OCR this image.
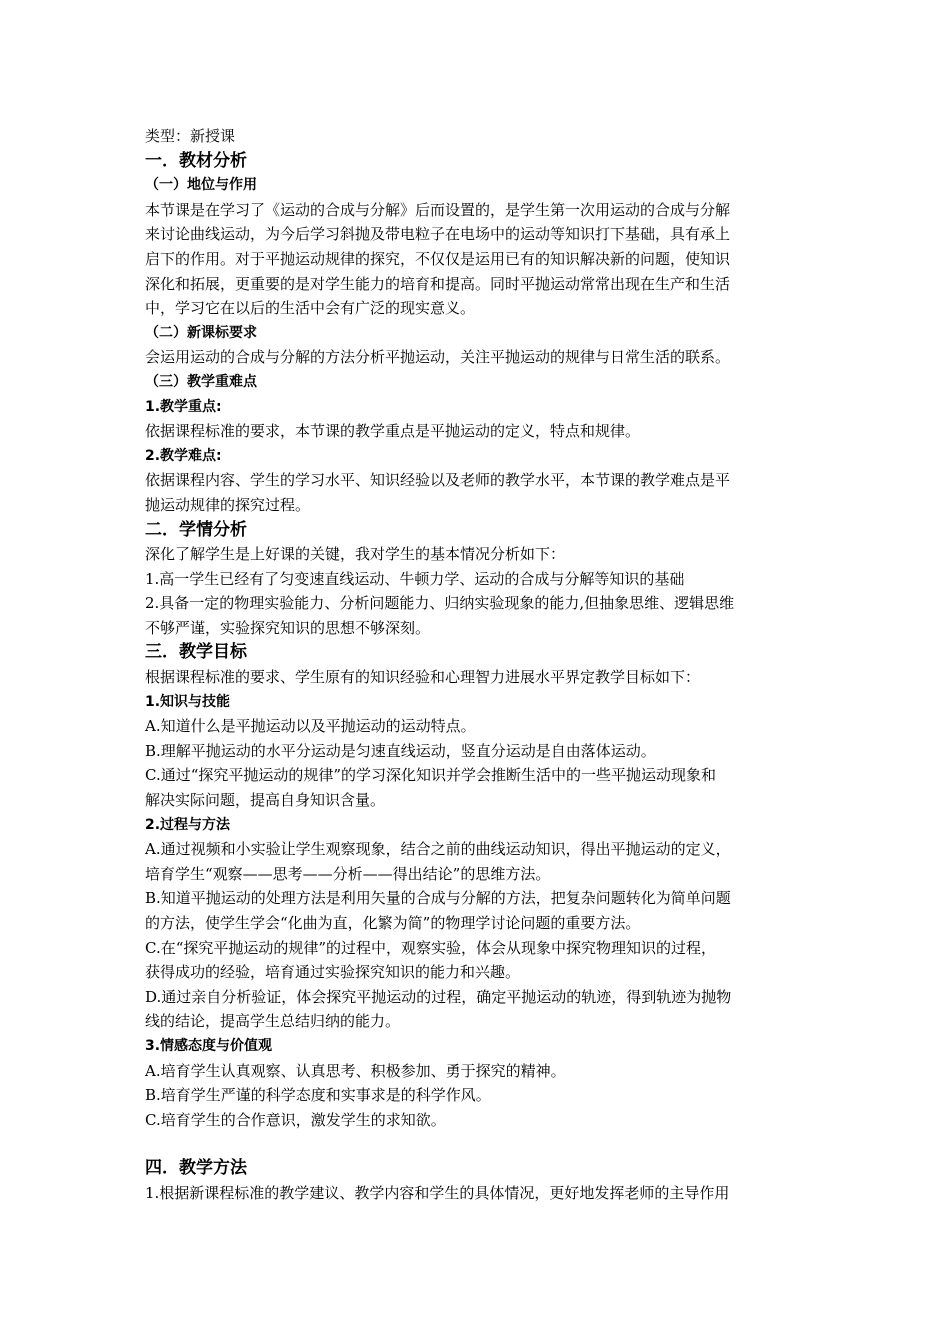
类型：新授课
一．教材分析
（一）地位与作用
本节课是在学习了《运动的合成与分解》后而设置的，是学生第一次用运动的合成与分解
来讨论曲线运动，为今后学习斜抛及带电粒子在电场中的运动等知识打下基础，具有承上
启下的作用。对于平抛运动规律的探究，不仅仅是运用已有的知识解决新的问题，使知识
深化和拓展，更重要的是对学生能力的培育和提高。同时平抛运动常常出现在生产和生活
中，学习它在以后的生活中会有广泛的现实意义。
（二）新课标要求
会运用运动的合成与分解的方法分析平抛运动，关注平抛运动的规律与日常生活的联系。
（三）教学重难点
1.教学重点:
依据课程标准的要求，本节课的教学重点是平抛运动的定义，特点和规律。
2.教学难点:
依据课程内容、学生的学习水平、知识经验以及老师的教学水平，本节课的教学难点是平
抛运动规律的探究过程。
二．学情分析
深化了解学生是上好课的关键，我对学生的基本情况分析如下：
1.高一学生已经有了匀变速直线运动、牛顿力学、运动的合成与分解等知识的基础
2.具备一定的物理实验能力、分析问题能力、归纳实验现象的能力,但抽象思维、逻辑思维
不够严谨，实验探究知识的思想不够深刻。
三．教学目标
根据课程标准的要求、学生原有的知识经验和心理智力进展水平界定教学目标如下：
1.知识与技能
A.知道什么是平抛运动以及平抛运动的运动特点。
B.理解平抛运动的水平分运动是匀速直线运动，竖直分运动是自由落体运动。
C.通过“探究平抛运动的规律”的学习深化知识并学会推断生活中的一些平抛运动现象和
解决实际问题，提高自身知识含量。
2.过程与方法
A.通过视频和小实验让学生观察现象，结合之前的曲线运动知识，得出平抛运动的定义，
培育学生“观察——思考——分析——得出结论”的思维方法。
B.知道平抛运动的处理方法是利用矢量的合成与分解的方法，把复杂问题转化为简单问题
的方法，使学生学会“化曲为直，化繁为简”的物理学讨论问题的重要方法。
C.在“探究平抛运动的规律”的过程中，观察实验，体会从现象中探究物理知识的过程，
获得成功的经验，培育通过实验探究知识的能力和兴趣。
D.通过亲自分析验证，体会探究平抛运动的过程，确定平抛运动的轨迹，得到轨迹为抛物
线的结论，提高学生总结归纳的能力。
3.情感态度与价值观
A.培育学生认真观察、认真思考、积极参加、勇于探究的精神。
B.培育学生严谨的科学态度和实事求是的科学作风。
C.培育学生的合作意识，激发学生的求知欲。
四．教学方法
1.根据新课程标准的教学建议、教学内容和学生的具体情况，更好地发挥老师的主导作用
